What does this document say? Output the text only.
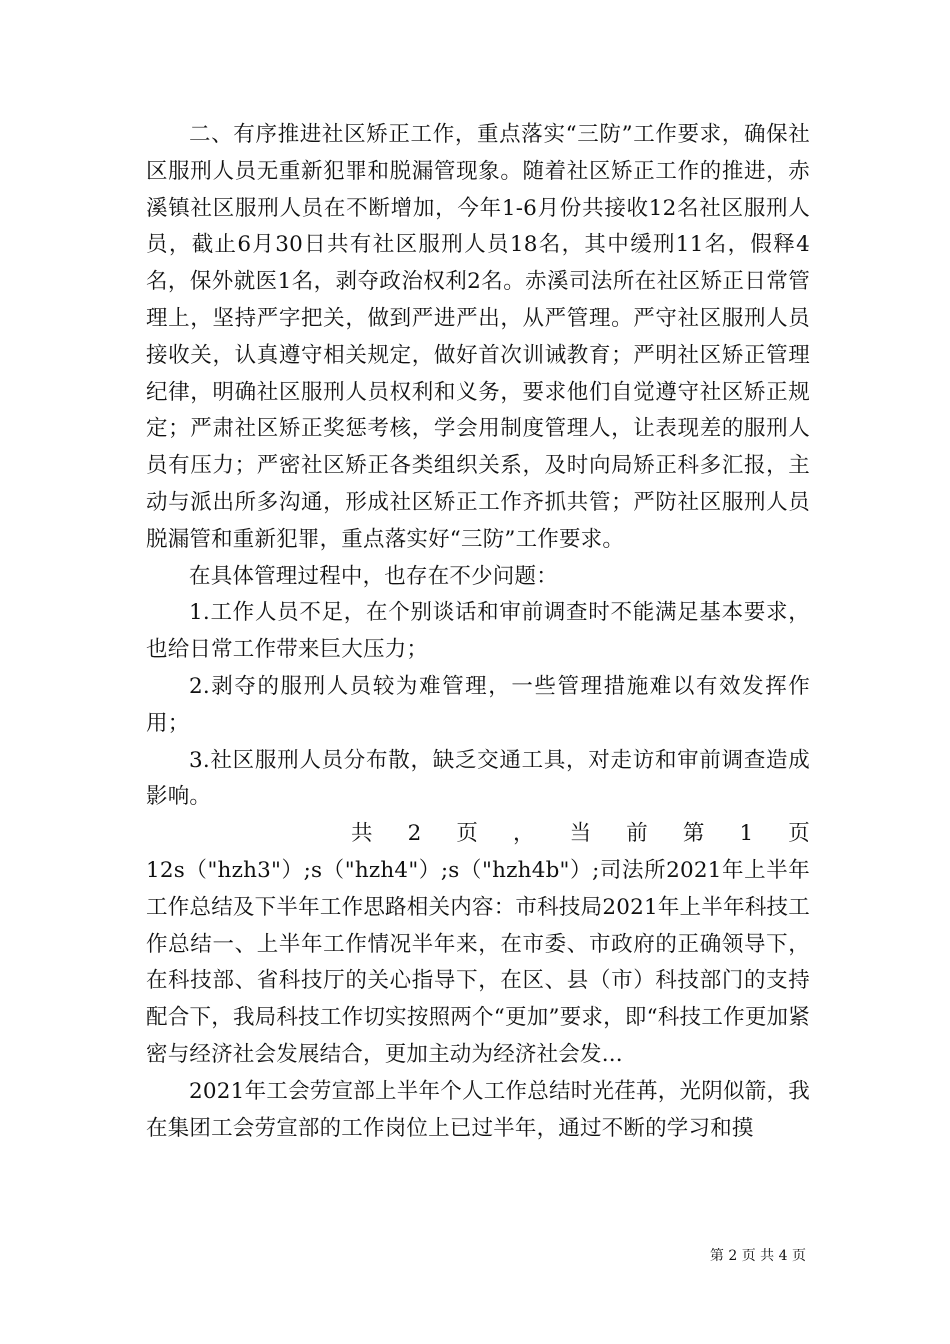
二、有序推进社区矫正工作，重点落实“三防”工作要求，确保社区服刑人员无重新犯罪和脱漏管现象。随着社区矫正工作的推进，赤溪镇社区服刑人员在不断增加，今年1-6月份共接收12名社区服刑人员，截止6月30日共有社区服刑人员18名，其中缓刑11名，假释4名，保外就医1名，剥夺政治权利2名。赤溪司法所在社区矫正日常管理上，坚持严字把关，做到严进严出，从严管理。严守社区服刑人员接收关，认真遵守相关规定，做好首次训诫教育；严明社区矫正管理纪律，明确社区服刑人员权利和义务，要求他们自觉遵守社区矫正规定；严肃社区矫正奖惩考核，学会用制度管理人，让表现差的服刑人员有压力；严密社区矫正各类组织关系，及时向局矫正科多汇报，主动与派出所多沟通，形成社区矫正工作齐抓共管；严防社区服刑人员脱漏管和重新犯罪，重点落实好“三防”工作要求。

在具体管理过程中，也存在不少问题：

1.工作人员不足，在个别谈话和审前调查时不能满足基本要求，也给日常工作带来巨大压力；

2.剥夺的服刑人员较为难管理，一些管理措施难以有效发挥作用；

3.社区服刑人员分布散，缺乏交通工具，对走访和审前调查造成影响。

共 2 页 ， 当 前 第 1 页

12s（"hzh3"）;s（"hzh4"）;s（"hzh4b"）;司法所2021年上半年工作总结及下半年工作思路相关内容：市科技局2021年上半年科技工作总结一、上半年工作情况半年来，在市委、市政府的正确领导下，在科技部、省科技厅的关心指导下，在区、县（市）科技部门的支持配合下，我局科技工作切实按照两个“更加”要求，即“科技工作更加紧密与经济社会发展结合，更加主动为经济社会发...

2021年工会劳宣部上半年个人工作总结时光荏苒，光阴似箭，我在集团工会劳宣部的工作岗位上已过半年，通过不断的学习和摸

第 2 页 共 4 页
